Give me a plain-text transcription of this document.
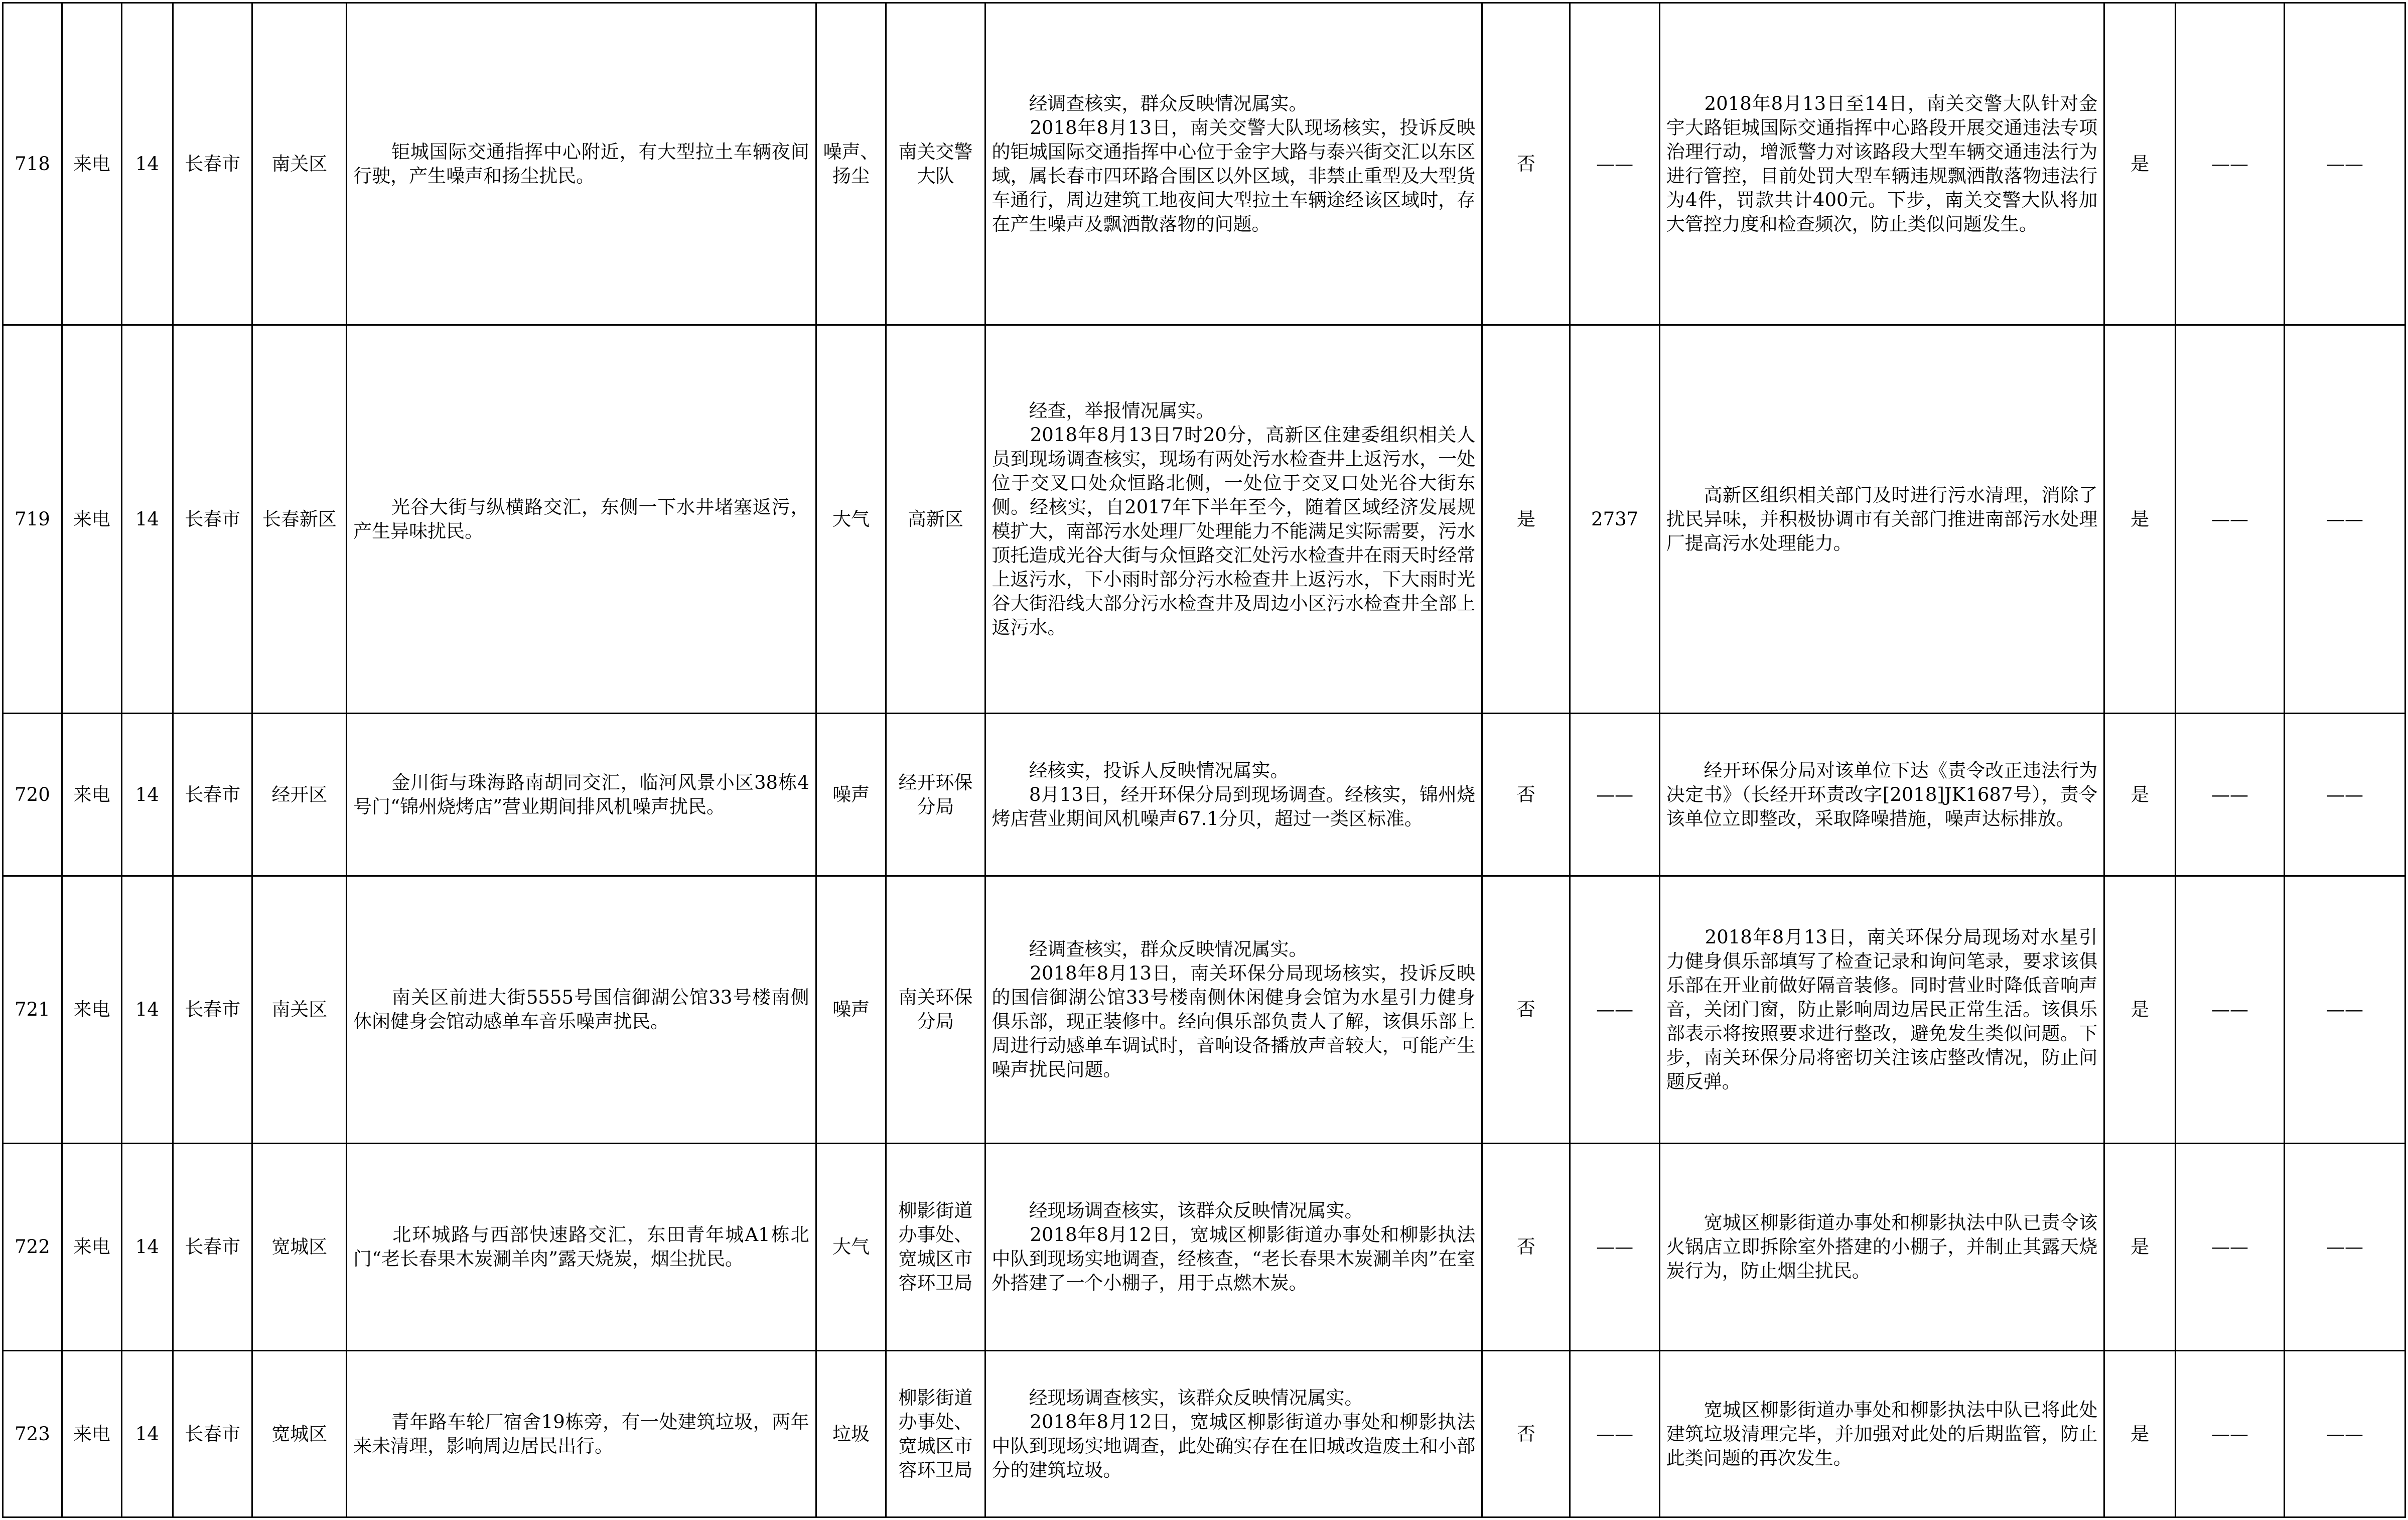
718	来电	14	长春市	南关区	　　钜城国际交通指挥中心附近，有大型拉土车辆夜间行驶，产生噪声和扬尘扰民。	噪声、扬尘	南关交警大队	　　经调查核实，群众反映情况属实。
　　2018年8月13日，南关交警大队现场核实，投诉反映的钜城国际交通指挥中心位于金宇大路与泰兴街交汇以东区域，属长春市四环路合围区以外区域，非禁止重型及大型货车通行，周边建筑工地夜间大型拉土车辆途经该区域时，存在产生噪声及飘洒散落物的问题。	否	——	　　2018年8月13日至14日，南关交警大队针对金宇大路钜城国际交通指挥中心路段开展交通违法专项治理行动，增派警力对该路段大型车辆交通违法行为进行管控，目前处罚大型车辆违规飘洒散落物违法行为4件，罚款共计400元。下步，南关交警大队将加大管控力度和检查频次，防止类似问题发生。	是	——	——
719	来电	14	长春市	长春新区	　　光谷大街与纵横路交汇，东侧一下水井堵塞返污，产生异味扰民。	大气	高新区	　　经查，举报情况属实。
　　2018年8月13日7时20分，高新区住建委组织相关人员到现场调查核实，现场有两处污水检查井上返污水，一处位于交叉口处众恒路北侧，一处位于交叉口处光谷大街东侧。经核实，自2017年下半年至今，随着区域经济发展规模扩大，南部污水处理厂处理能力不能满足实际需要，污水顶托造成光谷大街与众恒路交汇处污水检查井在雨天时经常上返污水，下小雨时部分污水检查井上返污水，下大雨时光谷大街沿线大部分污水检查井及周边小区污水检查井全部上返污水。	是	2737	　　高新区组织相关部门及时进行污水清理，消除了扰民异味，并积极协调市有关部门推进南部污水处理厂提高污水处理能力。	是	——	——
720	来电	14	长春市	经开区	　　金川街与珠海路南胡同交汇，临河风景小区38栋4号门“锦州烧烤店”营业期间排风机噪声扰民。	噪声	经开环保分局	　　经核实，投诉人反映情况属实。
　　8月13日，经开环保分局到现场调查。经核实，锦州烧烤店营业期间风机噪声67.1分贝，超过一类区标准。	否	——	　　经开环保分局对该单位下达《责令改正违法行为决定书》（长经开环责改字[2018]JK1687号），责令该单位立即整改，采取降噪措施，噪声达标排放。	是	——	——
721	来电	14	长春市	南关区	　　南关区前进大街5555号国信御湖公馆33号楼南侧休闲健身会馆动感单车音乐噪声扰民。	噪声	南关环保分局	　　经调查核实，群众反映情况属实。
　　2018年8月13日，南关环保分局现场核实，投诉反映的国信御湖公馆33号楼南侧休闲健身会馆为水星引力健身俱乐部，现正装修中。经向俱乐部负责人了解，该俱乐部上周进行动感单车调试时，音响设备播放声音较大，可能产生噪声扰民问题。	否	——	　　2018年8月13日，南关环保分局现场对水星引力健身俱乐部填写了检查记录和询问笔录，要求该俱乐部在开业前做好隔音装修。同时营业时降低音响声音，关闭门窗，防止影响周边居民正常生活。该俱乐部表示将按照要求进行整改，避免发生类似问题。下步，南关环保分局将密切关注该店整改情况，防止问题反弹。	是	——	——
722	来电	14	长春市	宽城区	　　北环城路与西部快速路交汇，东田青年城A1栋北门“老长春果木炭涮羊肉”露天烧炭，烟尘扰民。	大气	柳影街道办事处、宽城区市容环卫局	　　经现场调查核实，该群众反映情况属实。
　　2018年8月12日，宽城区柳影街道办事处和柳影执法中队到现场实地调查，经核查，“老长春果木炭涮羊肉”在室外搭建了一个小棚子，用于点燃木炭。	否	——	　　宽城区柳影街道办事处和柳影执法中队已责令该火锅店立即拆除室外搭建的小棚子，并制止其露天烧炭行为，防止烟尘扰民。	是	——	——
723	来电	14	长春市	宽城区	　　青年路车轮厂宿舍19栋旁，有一处建筑垃圾，两年来未清理，影响周边居民出行。	垃圾	柳影街道办事处、宽城区市容环卫局	　　经现场调查核实，该群众反映情况属实。
　　2018年8月12日，宽城区柳影街道办事处和柳影执法中队到现场实地调查，此处确实存在在旧城改造废土和小部分的建筑垃圾。	否	——	　　宽城区柳影街道办事处和柳影执法中队已将此处建筑垃圾清理完毕，并加强对此处的后期监管，防止此类问题的再次发生。	是	——	——
